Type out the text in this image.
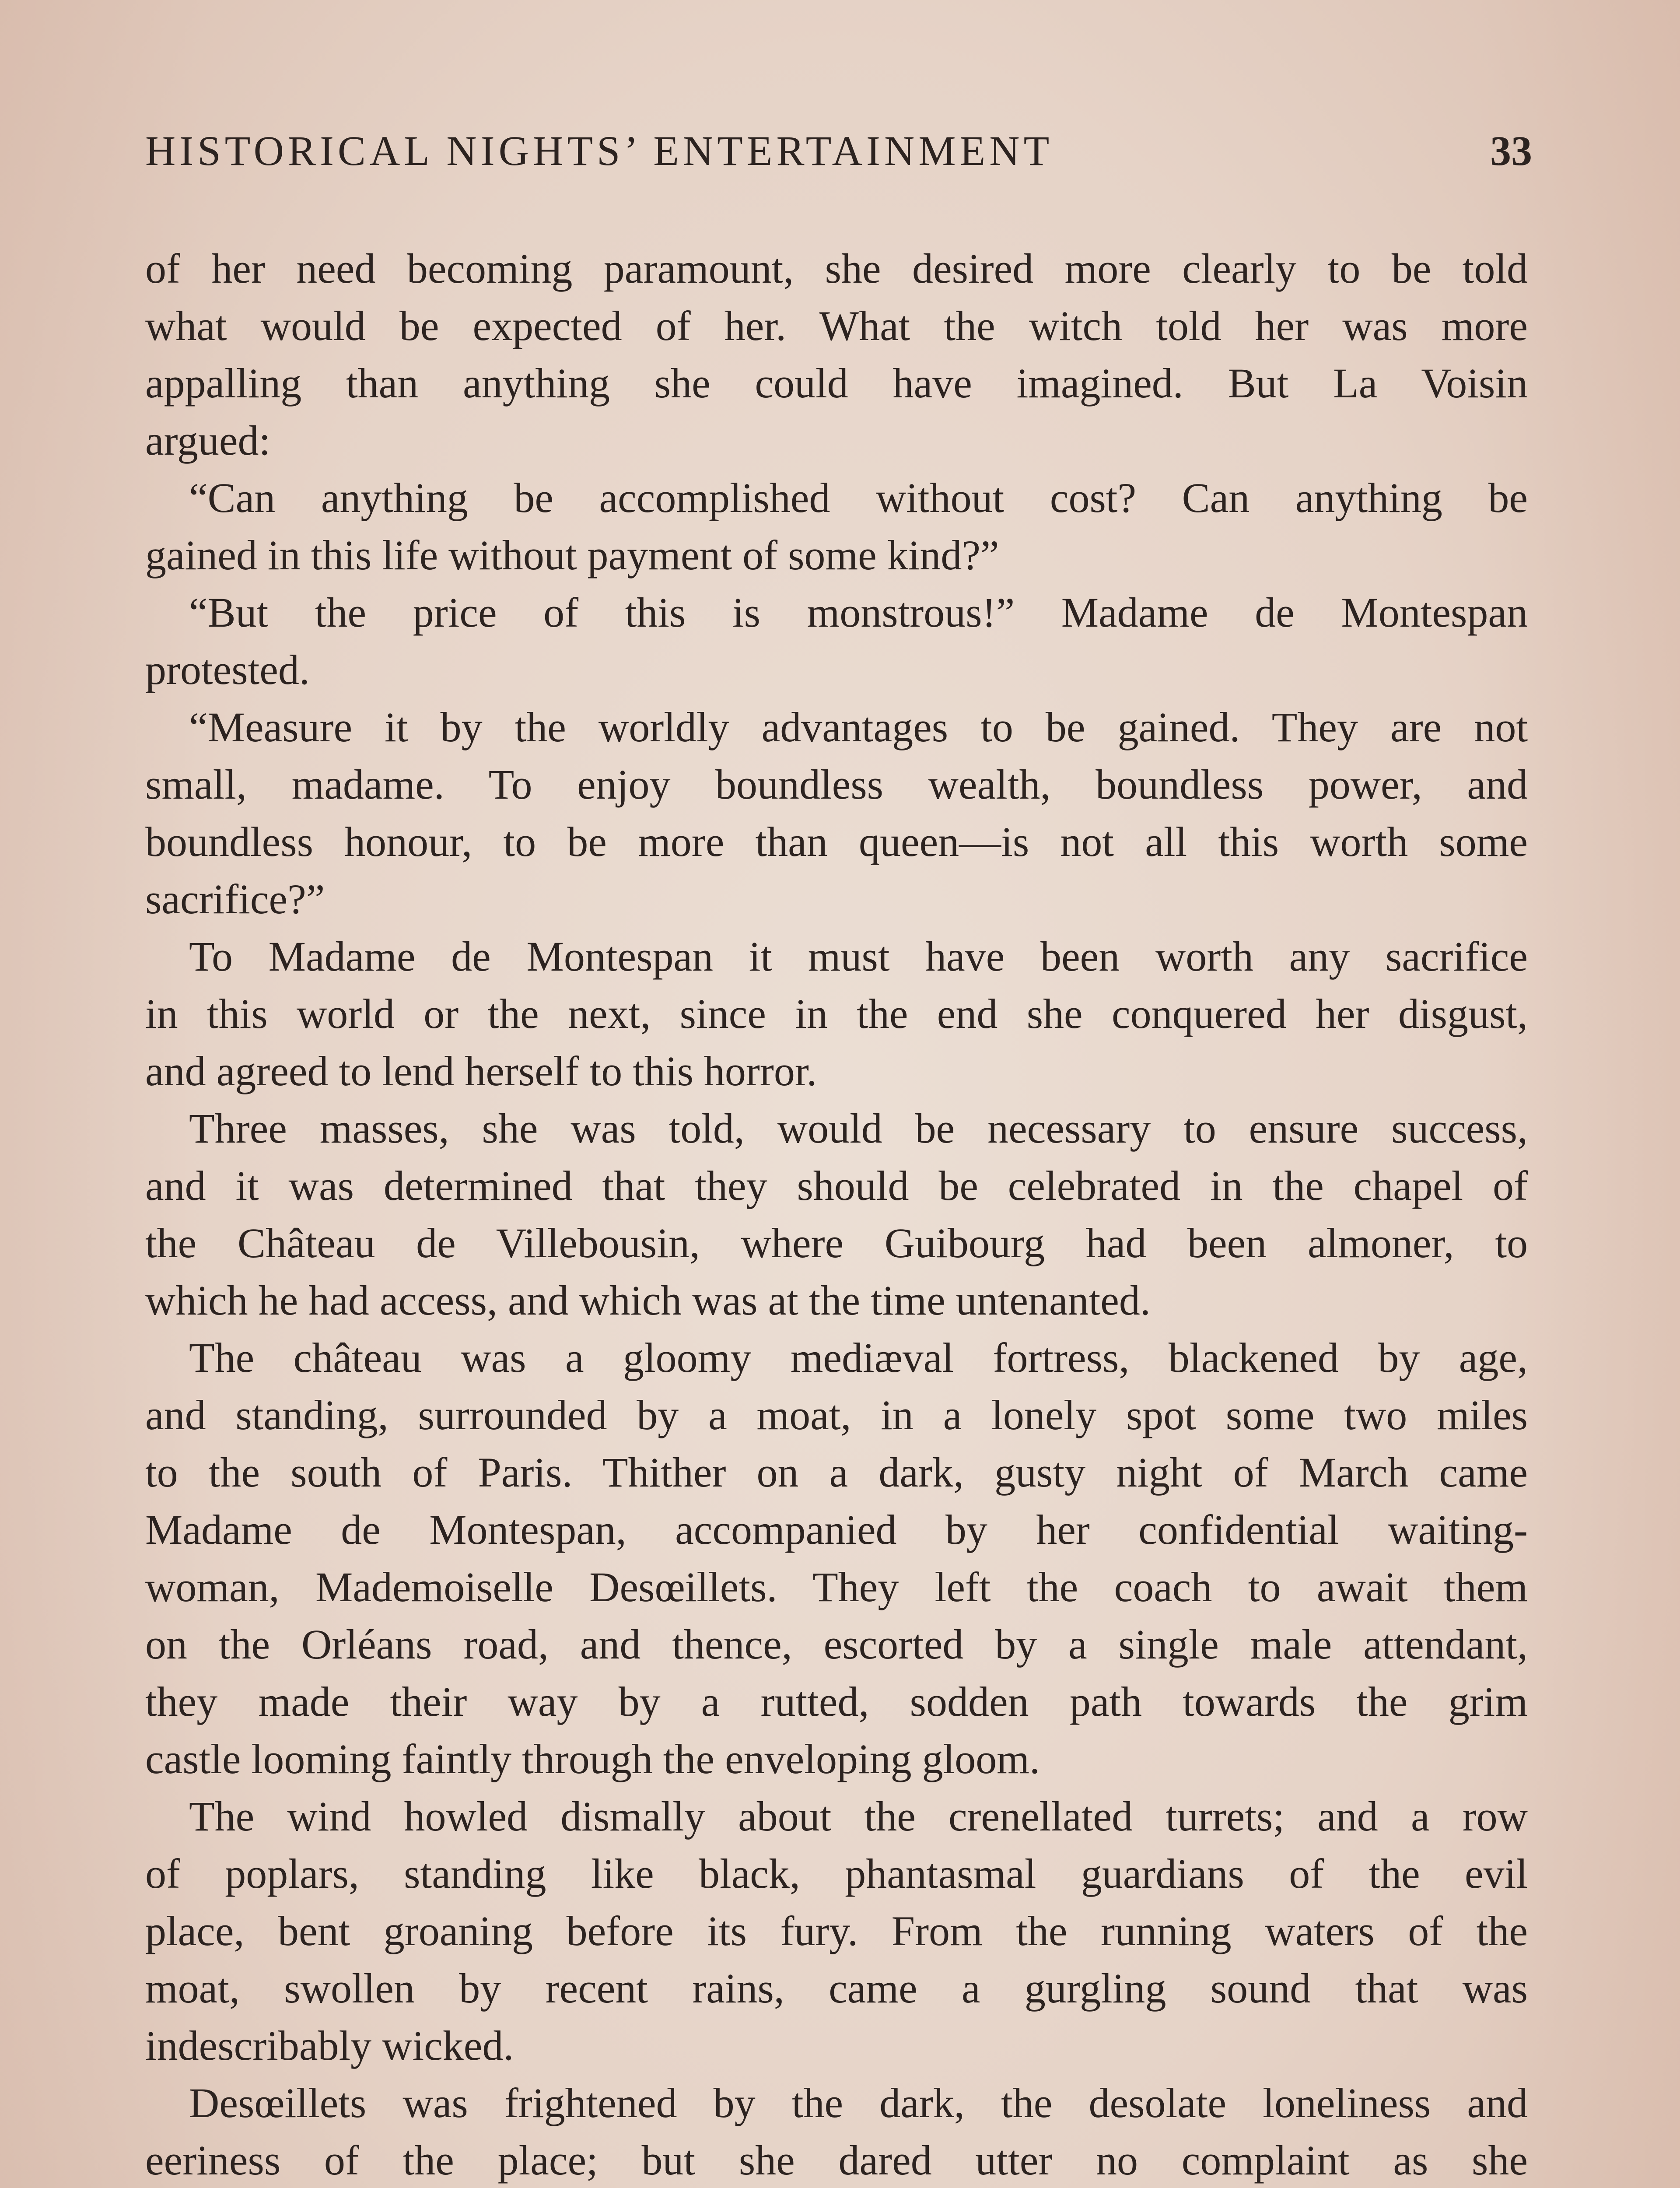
HISTORICAL NIGHTS’ ENTERTAINMENT	33
of her need becoming paramount, she desired more clearly to be told
what would be expected of her. What the witch told her was more
appalling than anything she could have imagined. But La Voisin
argued:
“Can anything be accomplished without cost? Can anything be
gained in this life without payment of some kind?”
“But the price of this is monstrous!” Madame de Montespan
protested.
“Measure it by the worldly advantages to be gained. They are not
small, madame. To enjoy boundless wealth, boundless power, and
boundless honour, to be more than queen—is not all this worth some
sacrifice?”
To Madame de Montespan it must have been worth any sacrifice
in this world or the next, since in the end she conquered her disgust,
and agreed to lend herself to this horror.
Three masses, she was told, would be necessary to ensure success,
and it was determined that they should be celebrated in the chapel of
the Château de Villebousin, where Guibourg had been almoner, to
which he had access, and which was at the time untenanted.
The château was a gloomy mediæval fortress, blackened by age,
and standing, surrounded by a moat, in a lonely spot some two miles
to the south of Paris. Thither on a dark, gusty night of March came
Madame de Montespan, accompanied by her confidential waiting-
woman, Mademoiselle Desœillets. They left the coach to await them
on the Orléans road, and thence, escorted by a single male attendant,
they made their way by a rutted, sodden path towards the grim
castle looming faintly through the enveloping gloom.
The wind howled dismally about the crenellated turrets; and a row
of poplars, standing like black, phantasmal guardians of the evil
place, bent groaning before its fury. From the running waters of the
moat, swollen by recent rains, came a gurgling sound that was
indescribably wicked.
Desœillets was frightened by the dark, the desolate loneliness and
eeriness of the place; but she dared utter no complaint as she
